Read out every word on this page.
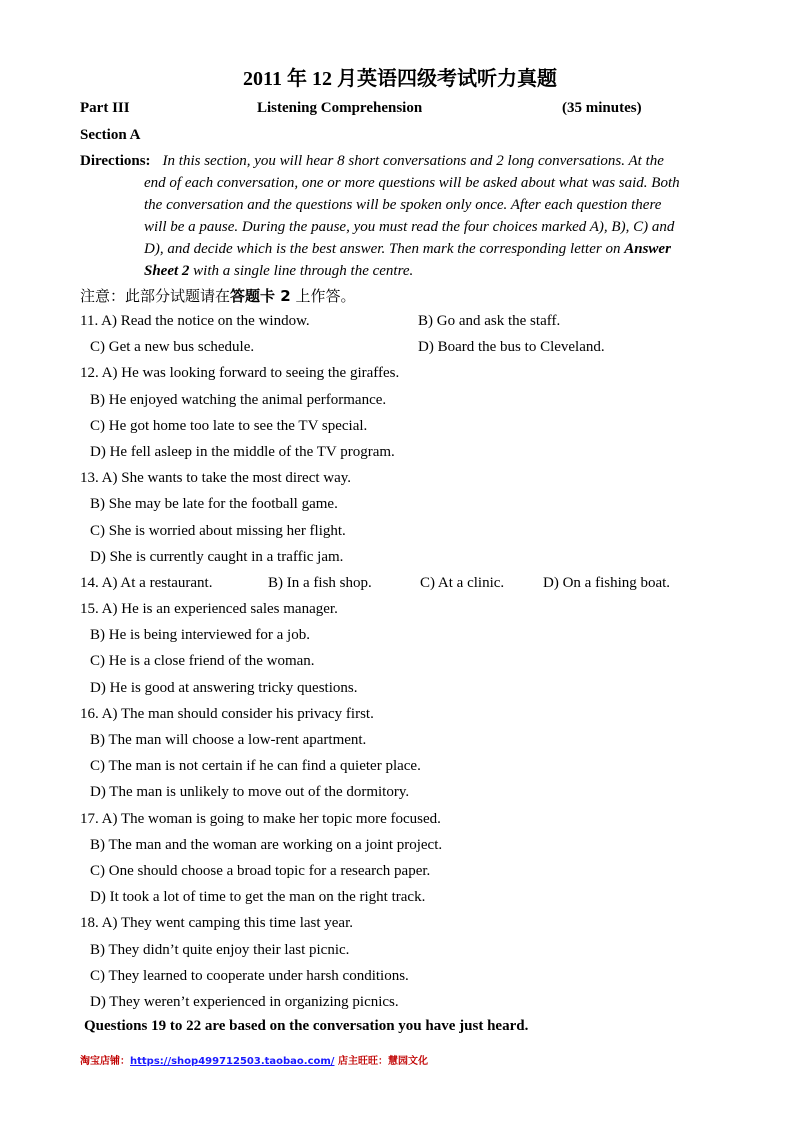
2011 年 12 月英语四级考试听力真题
Part III	Listening Comprehension	(35 minutes)
Section A
Directions: In this section, you will hear 8 short conversations and 2 long conversations. At the
end of each conversation, one or more questions will be asked about what was said. Both
the conversation and the questions will be spoken only once. After each question there
will be a pause. During the pause, you must read the four choices marked A), B), C) and
D), and decide which is the best answer. Then mark the corresponding letter on Answer
Sheet 2 with a single line through the centre.
注意：此部分试题请在答题卡 2 上作答。
11. A) Read the notice on the window.	B) Go and ask the staff.
C) Get a new bus schedule.	D) Board the bus to Cleveland.
12. A) He was looking forward to seeing the giraffes.
B) He enjoyed watching the animal performance.
C) He got home too late to see the TV special.
D) He fell asleep in the middle of the TV program.
13. A) She wants to take the most direct way.
B) She may be late for the football game.
C) She is worried about missing her flight.
D) She is currently caught in a traffic jam.
14. A) At a restaurant.	B) In a fish shop.	C) At a clinic.	D) On a fishing boat.
15. A) He is an experienced sales manager.
B) He is being interviewed for a job.
C) He is a close friend of the woman.
D) He is good at answering tricky questions.
16. A) The man should consider his privacy first.
B) The man will choose a low-rent apartment.
C) The man is not certain if he can find a quieter place.
D) The man is unlikely to move out of the dormitory.
17. A) The woman is going to make her topic more focused.
B) The man and the woman are working on a joint project.
C) One should choose a broad topic for a research paper.
D) It took a lot of time to get the man on the right track.
18. A) They went camping this time last year.
B) They didn’t quite enjoy their last picnic.
C) They learned to cooperate under harsh conditions.
D) They weren’t experienced in organizing picnics.
Questions 19 to 22 are based on the conversation you have just heard.
淘宝店铺：https://shop499712503.taobao.com/ 店主旺旺：慧园文化
